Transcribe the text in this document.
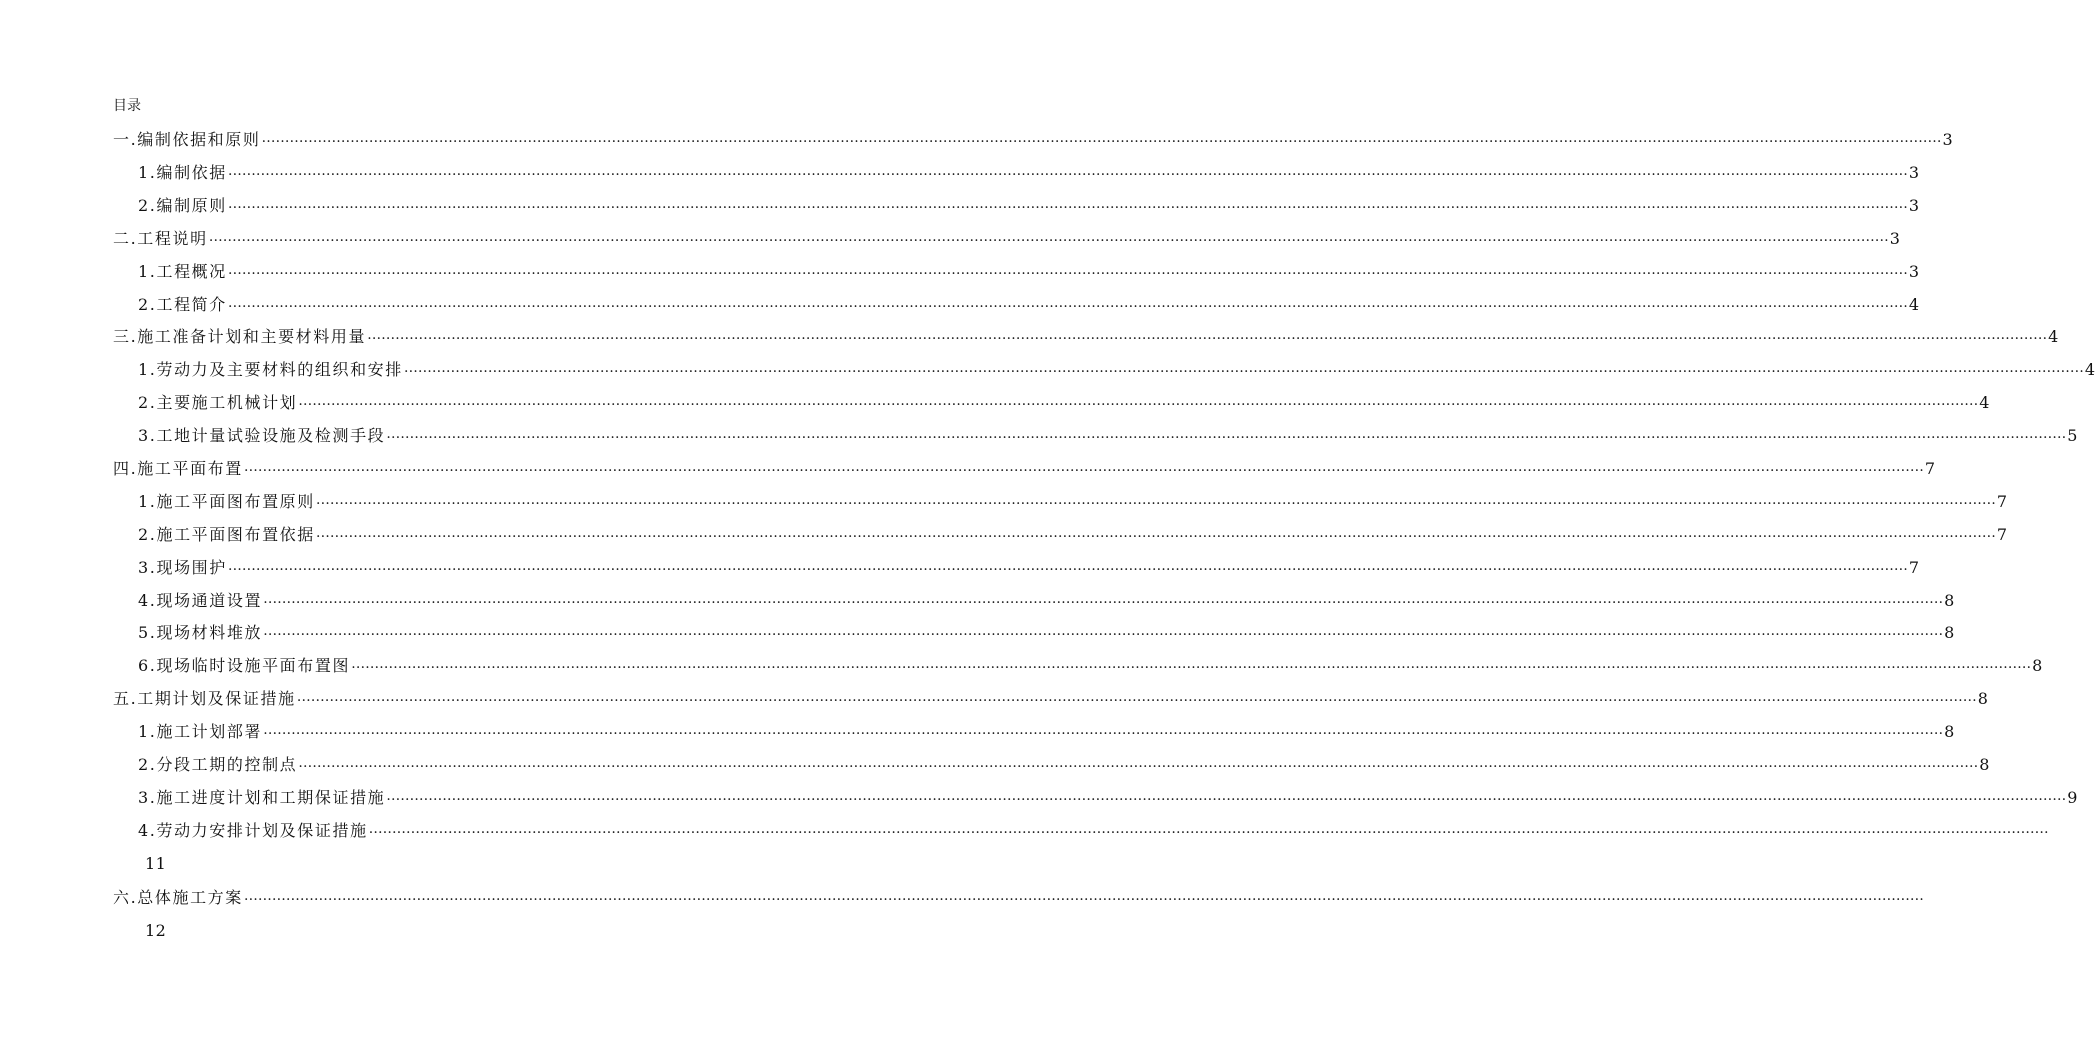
目录
一.编制依据和原则 ……………………………………………………………………………………………………………………………………………………………………………………………………………………………………………………………………………………………………………………………… 3
1.编制依据 ……………………………………………………………………………………………………………………………………………………………………………………………………………………………………………………………………………………………………………………………… 3
2.编制原则 ……………………………………………………………………………………………………………………………………………………………………………………………………………………………………………………………………………………………………………………………… 3
二.工程说明 ……………………………………………………………………………………………………………………………………………………………………………………………………………………………………………………………………………………………………………………………… 3
1.工程概况 ……………………………………………………………………………………………………………………………………………………………………………………………………………………………………………………………………………………………………………………………… 3
2.工程简介 ……………………………………………………………………………………………………………………………………………………………………………………………………………………………………………………………………………………………………………………………… 4
三.施工准备计划和主要材料用量 ……………………………………………………………………………………………………………………………………………………………………………………………………………………………………………………………………………………………………………………………… 4
1.劳动力及主要材料的组织和安排 ……………………………………………………………………………………………………………………………………………………………………………………………………………………………………………………………………………………………………………………………… 4
2.主要施工机械计划 ……………………………………………………………………………………………………………………………………………………………………………………………………………………………………………………………………………………………………………………………… 4
3.工地计量试验设施及检测手段 ……………………………………………………………………………………………………………………………………………………………………………………………………………………………………………………………………………………………………………………………… 5
四.施工平面布置 ……………………………………………………………………………………………………………………………………………………………………………………………………………………………………………………………………………………………………………………………… 7
1.施工平面图布置原则 ……………………………………………………………………………………………………………………………………………………………………………………………………………………………………………………………………………………………………………………………… 7
2.施工平面图布置依据 ……………………………………………………………………………………………………………………………………………………………………………………………………………………………………………………………………………………………………………………………… 7
3.现场围护 ……………………………………………………………………………………………………………………………………………………………………………………………………………………………………………………………………………………………………………………………… 7
4.现场通道设置 ……………………………………………………………………………………………………………………………………………………………………………………………………………………………………………………………………………………………………………………………… 8
5.现场材料堆放 ……………………………………………………………………………………………………………………………………………………………………………………………………………………………………………………………………………………………………………………………… 8
6.现场临时设施平面布置图 ……………………………………………………………………………………………………………………………………………………………………………………………………………………………………………………………………………………………………………………………… 8
五.工期计划及保证措施 ……………………………………………………………………………………………………………………………………………………………………………………………………………………………………………………………………………………………………………………………… 8
1.施工计划部署 ……………………………………………………………………………………………………………………………………………………………………………………………………………………………………………………………………………………………………………………………… 8
2.分段工期的控制点 ……………………………………………………………………………………………………………………………………………………………………………………………………………………………………………………………………………………………………………………………… 8
3.施工进度计划和工期保证措施 ……………………………………………………………………………………………………………………………………………………………………………………………………………………………………………………………………………………………………………………………… 9
4.劳动力安排计划及保证措施 ………………………………………………………………………………………………………………………………………………………………………………………………………………………………………………………………………………………………………………………………
11
六.总体施工方案 ………………………………………………………………………………………………………………………………………………………………………………………………………………………………………………………………………………………………………………………………
12
